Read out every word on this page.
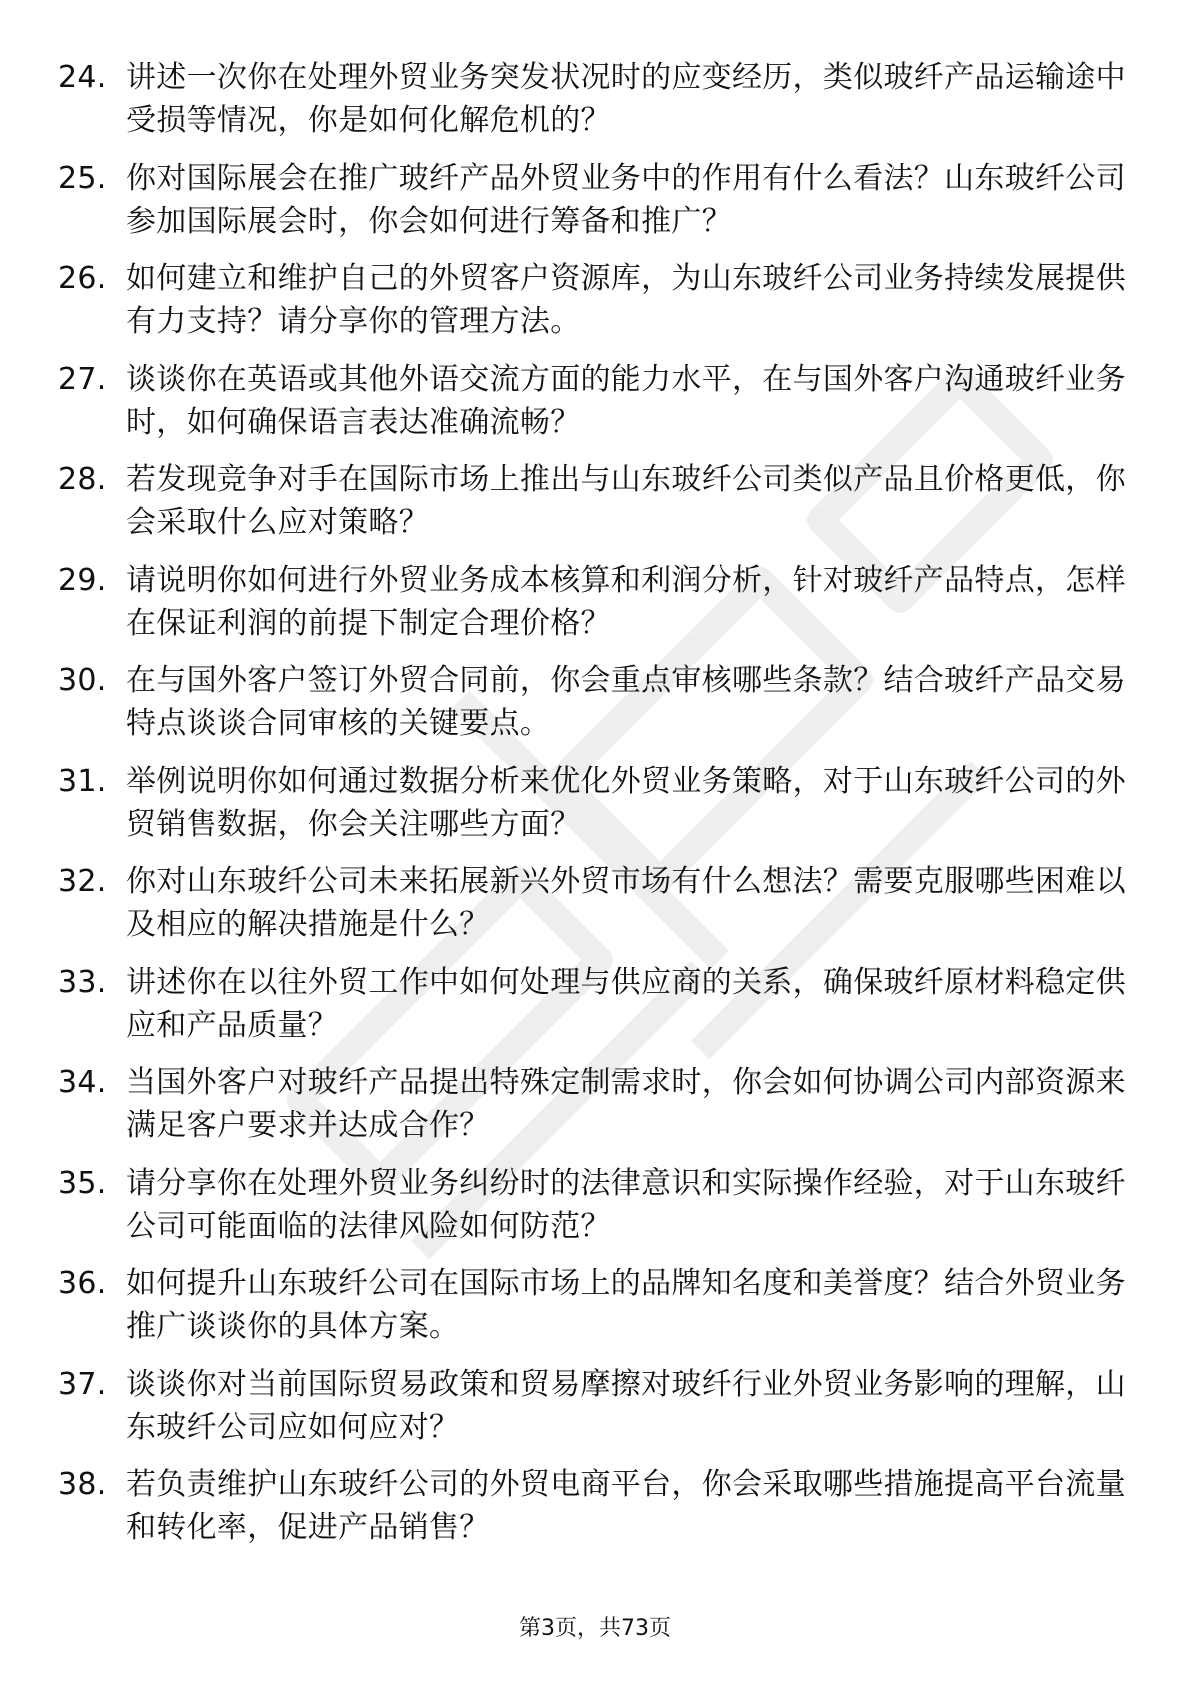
24. 讲述一次你在处理外贸业务突发状况时的应变经历，类似玻纤产品运输途中受损等情况，你是如何化解危机的？
25. 你对国际展会在推广玻纤产品外贸业务中的作用有什么看法？山东玻纤公司参加国际展会时，你会如何进行筹备和推广？
26. 如何建立和维护自己的外贸客户资源库，为山东玻纤公司业务持续发展提供有力支持？请分享你的管理方法。
27. 谈谈你在英语或其他外语交流方面的能力水平，在与国外客户沟通玻纤业务时，如何确保语言表达准确流畅？
28. 若发现竞争对手在国际市场上推出与山东玻纤公司类似产品且价格更低，你会采取什么应对策略？
29. 请说明你如何进行外贸业务成本核算和利润分析，针对玻纤产品特点，怎样在保证利润的前提下制定合理价格？
30. 在与国外客户签订外贸合同前，你会重点审核哪些条款？结合玻纤产品交易特点谈谈合同审核的关键要点。
31. 举例说明你如何通过数据分析来优化外贸业务策略，对于山东玻纤公司的外贸销售数据，你会关注哪些方面？
32. 你对山东玻纤公司未来拓展新兴外贸市场有什么想法？需要克服哪些困难以及相应的解决措施是什么？
33. 讲述你在以往外贸工作中如何处理与供应商的关系，确保玻纤原材料稳定供应和产品质量？
34. 当国外客户对玻纤产品提出特殊定制需求时，你会如何协调公司内部资源来满足客户要求并达成合作？
35. 请分享你在处理外贸业务纠纷时的法律意识和实际操作经验，对于山东玻纤公司可能面临的法律风险如何防范？
36. 如何提升山东玻纤公司在国际市场上的品牌知名度和美誉度？结合外贸业务推广谈谈你的具体方案。
37. 谈谈你对当前国际贸易政策和贸易摩擦对玻纤行业外贸业务影响的理解，山东玻纤公司应如何应对？
38. 若负责维护山东玻纤公司的外贸电商平台，你会采取哪些措施提高平台流量和转化率，促进产品销售？
第3页，共73页
